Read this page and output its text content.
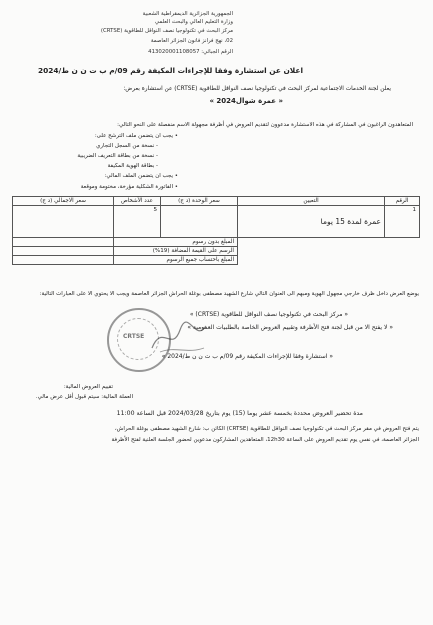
الجمهورية الجزائرية الديمقراطية الشعبية
وزارة التعليم العالي والبحث العلمي
مركز البحث في تكنولوجيا نصف النواقل للطاقوية (CRTSE)
02، نهج فرانز فانون الجزائر العاصمة
الرقم الجبائي: 413020001108057
اعلان عن استشارة وفقا للإجراءات المكيفة رقم 09/م ب ت ن ن ط/2024
يعلن لجنة الخدمات الاجتماعية لمركز البحث في تكنولوجيا نصف النواقل للطاقوية (CRTSE) عن استشارة بعرض:
« عمرة شوال2024 »
المتعاهدون الراغبون في المشاركة في هذه الاستشارة مدعوون لتقديم العروض في أظرفة مجهولة الاسم منفصلة على النحو التالي:
• يجب ان يتضمن ملف الترشح على:
- نسخة من السجل التجاري
- نسخة من بطاقة التعريف الضريبية
- بطاقة الهوية المكيفة
• يجب ان يتضمن الملف المالي:
• الفاتورة الشكلية مؤرخة، مختومة وموقعة
الرقم	التعيين	سعر الوحدة (د ج)	عدد الأشخاص	سعر الاجمالي (د ج)
1	عمرة لمدة 15 يوما		5	
		المبلغ بدون رسوم		
		الرسم على القيمة المضافة (19%)		
		المبلغ باحتساب جميع الرسوم		
يوضع العرض داخل ظرف خارجي مجهول الهوية ومبهم الى العنوان التالي شارع الشهيد مصطفى بوغلة الحراش الجزائر العاصمة ويجب الا يحتوي الا على العبارات التالية:
« مركز البحث في تكنولوجيا نصف النواقل للطاقوية (CRTSE) »
« لا يفتح الا من قبل لجنة فتح الأظرفة وتقييم العروض الخاصة بالطلبيات العمومية »
« استشارة وفقا للإجراءات المكيفة رقم 09/م ب ت ن ن ط/2024 »
CRTSE
تقييم العروض المالية:
العملة المالية: سيتم قبول أقل عرض مالي.
مدة تحضير العروض محددة بخمسة عشر يوما (15) يوم بتاريخ 2024/03/28 قبل الساعة 11:00
يتم فتح العروض في مقر مركز البحث في تكنولوجيا نصف النواقل للطاقوية (CRTSE) الكائن ب: شارع الشهيد مصطفى بوغلة الحراش،
الجزائر العاصمة، في نفس يوم تقديم العروض على الساعة 12h30، المتعاهدين المشاركون مدعوين لحضور الجلسة العلنية لفتح الأظرفة
